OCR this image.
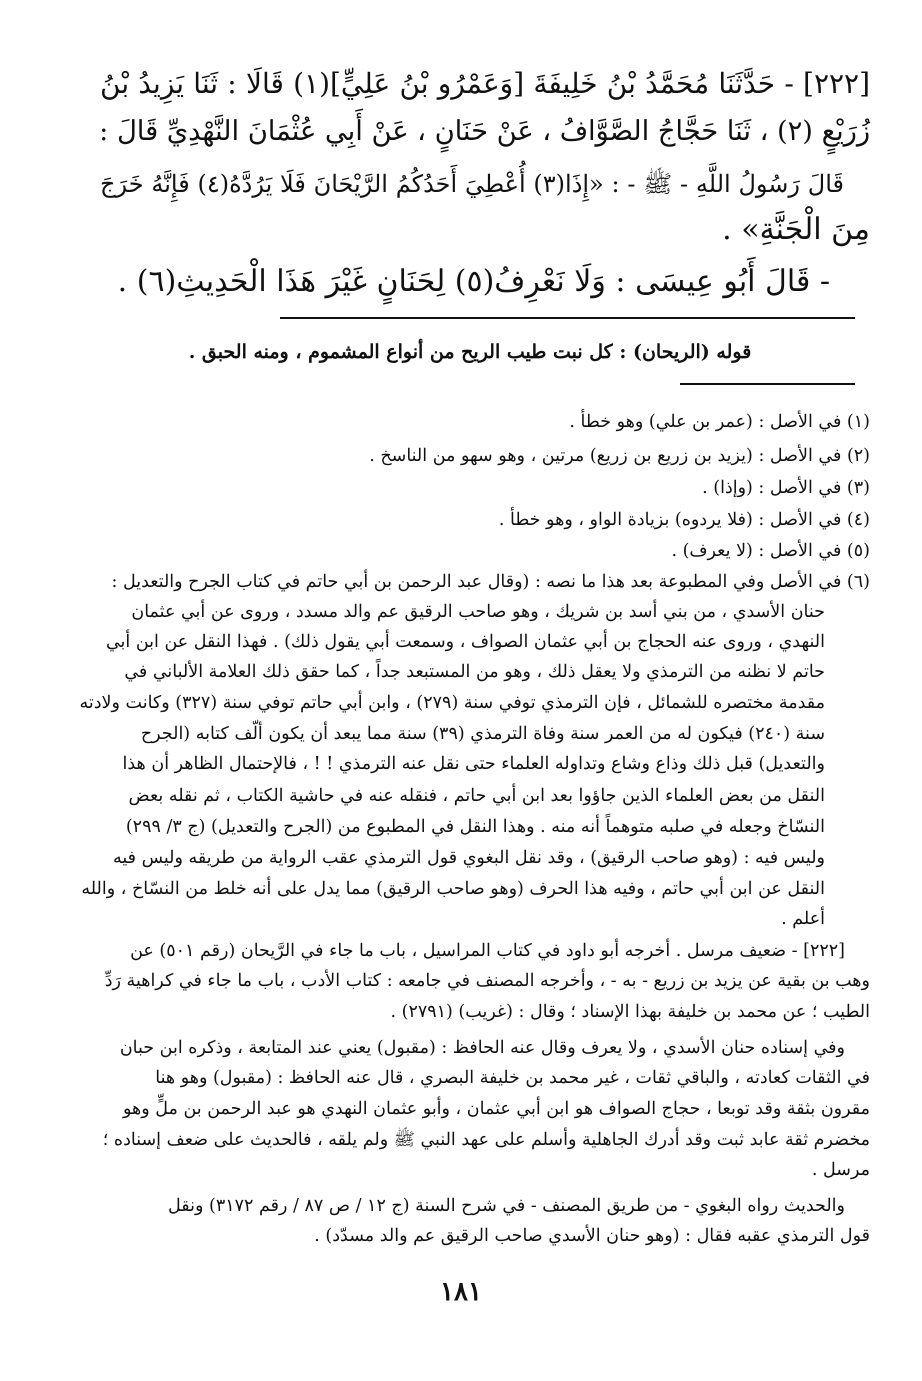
[٢٢٢] - حَدَّثَنَا مُحَمَّدُ بْنُ خَلِيفَةَ [وَعَمْرُو بْنُ عَلِيٍّ](١) قَالَا : ثَنَا يَزِيدُ بْنُ
زُرَيْعٍ (٢) ، ثَنَا حَجَّاجُ الصَّوَّافُ ، عَنْ حَنَانٍ ، عَنْ أَبِي عُثْمَانَ النَّهْدِيِّ قَالَ :
قَالَ رَسُولُ اللَّهِ - ﷺ - : «إِذَا(٣) أُعْطِيَ أَحَدُكُمُ الرَّيْحَانَ فَلَا يَرُدَّهُ(٤) فَإِنَّهُ خَرَجَ
مِنَ الْجَنَّةِ» .
- قَالَ أَبُو عِيسَى : وَلَا نَعْرِفُ(٥) لِحَنَانٍ غَيْرَ هَذَا الْحَدِيثِ(٦) .
قوله (الريحان) : كل نبت طيب الريح من أنواع المشموم ، ومنه الحبق .
(١) في الأصل : (عمر بن علي) وهو خطأ .
(٢) في الأصل : (يزيد بن زريع بن زريع) مرتين ، وهو سهو من الناسخ .
(٣) في الأصل : (وإذا) .
(٤) في الأصل : (فلا يردوه) بزيادة الواو ، وهو خطأ .
(٥) في الأصل : (لا يعرف) .
(٦) في الأصل وفي المطبوعة بعد هذا ما نصه : (وقال عبد الرحمن بن أبي حاتم في كتاب الجرح والتعديل :
حنان الأسدي ، من بني أسد بن شريك ، وهو صاحب الرقيق عم والد مسدد ، وروى عن أبي عثمان
النهدي ، وروى عنه الحجاج بن أبي عثمان الصواف ، وسمعت أبي يقول ذلك) . فهذا النقل عن ابن أبي
حاتم لا نظنه من الترمذي ولا يعقل ذلك ، وهو من المستبعد جداً ، كما حقق ذلك العلامة الألباني في
مقدمة مختصره للشمائل ، فإن الترمذي توفي سنة (٢٧٩) ، وابن أبي حاتم توفي سنة (٣٢٧) وكانت ولادته
سنة (٢٤٠) فيكون له من العمر سنة وفاة الترمذي (٣٩) سنة مما يبعد أن يكون ألّف كتابه (الجرح
والتعديل) قبل ذلك وذاع وشاع وتداوله العلماء حتى نقل عنه الترمذي ! ! ، فالإحتمال الظاهر أن هذا
النقل من بعض العلماء الذين جاؤوا بعد ابن أبي حاتم ، فنقله عنه في حاشية الكتاب ، ثم نقله بعض
النسّاخ وجعله في صلبه متوهماً أنه منه . وهذا النقل في المطبوع من (الجرح والتعديل) (ج ٣/ ٢٩٩)
وليس فيه : (وهو صاحب الرقيق) ، وقد نقل البغوي قول الترمذي عقب الرواية من طريقه وليس فيه
النقل عن ابن أبي حاتم ، وفيه هذا الحرف (وهو صاحب الرقيق) مما يدل على أنه خلط من النسّاخ ، والله
أعلم .
[٢٢٢] - ضعيف مرسل . أخرجه أبو داود في كتاب المراسيل ، باب ما جاء في الرَّيحان (رقم ٥٠١) عن
وهب بن بقية عن يزيد بن زريع - به - ، وأخرجه المصنف في جامعه : كتاب الأدب ، باب ما جاء في كراهية رَدِّ
الطيب ؛ عن محمد بن خليفة بهذا الإسناد ؛ وقال : (غريب) (٢٧٩١) .
وفي إسناده حنان الأسدي ، ولا يعرف وقال عنه الحافظ : (مقبول) يعني عند المتابعة ، وذكره ابن حبان
في الثقات كعادته ، والباقي ثقات ، غير محمد بن خليفة البصري ، قال عنه الحافظ : (مقبول) وهو هنا
مقرون بثقة وقد توبعا ، حجاج الصواف هو ابن أبي عثمان ، وأبو عثمان النهدي هو عبد الرحمن بن ملٍّ وهو
مخضرم ثقة عابد ثبت وقد أدرك الجاهلية وأسلم على عهد النبي ﷺ ولم يلقه ، فالحديث على ضعف إسناده ؛
مرسل .
والحديث رواه البغوي - من طريق المصنف - في شرح السنة (ج ١٢ / ص ٨٧ / رقم ٣١٧٢) ونقل
قول الترمذي عقبه فقال : (وهو حنان الأسدي صاحب الرقيق عم والد مسدّد) .
١٨١
